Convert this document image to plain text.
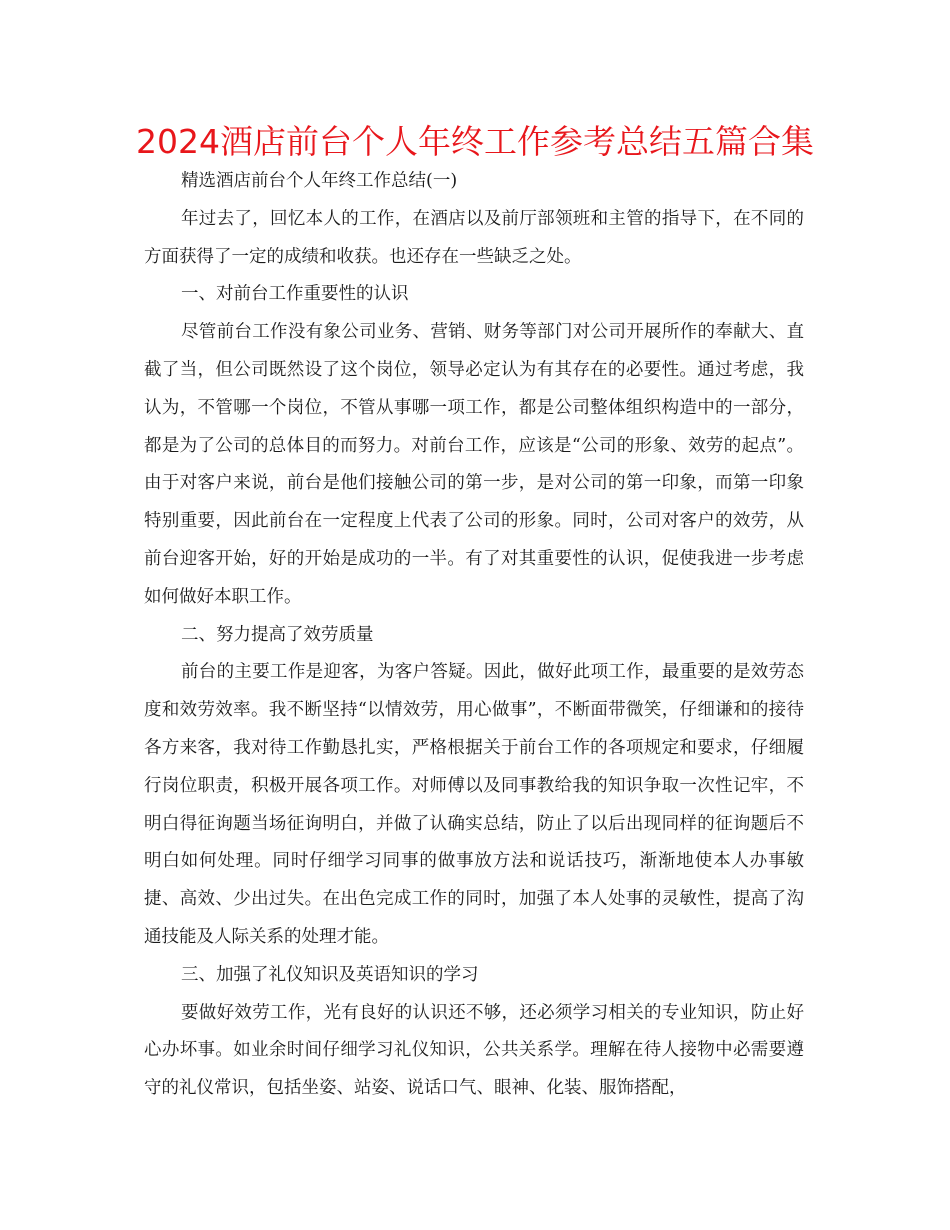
2024酒店前台个人年终工作参考总结五篇合集

精选酒店前台个人年终工作总结(一)

年过去了，回忆本人的工作，在酒店以及前厅部领班和主管的指导下，在不同的方面获得了一定的成绩和收获。也还存在一些缺乏之处。

一、对前台工作重要性的认识

尽管前台工作没有象公司业务、营销、财务等部门对公司开展所作的奉献大、直截了当，但公司既然设了这个岗位，领导必定认为有其存在的必要性。通过考虑，我认为，不管哪一个岗位，不管从事哪一项工作，都是公司整体组织构造中的一部分，都是为了公司的总体目的而努力。对前台工作，应该是“公司的形象、效劳的起点”。由于对客户来说，前台是他们接触公司的第一步，是对公司的第一印象，而第一印象特别重要，因此前台在一定程度上代表了公司的形象。同时，公司对客户的效劳，从前台迎客开始，好的开始是成功的一半。有了对其重要性的认识，促使我进一步考虑如何做好本职工作。

二、努力提高了效劳质量

前台的主要工作是迎客，为客户答疑。因此，做好此项工作，最重要的是效劳态度和效劳效率。我不断坚持“以情效劳，用心做事”，不断面带微笑，仔细谦和的接待各方来客，我对待工作勤恳扎实，严格根据关于前台工作的各项规定和要求，仔细履行岗位职责，积极开展各项工作。对师傅以及同事教给我的知识争取一次性记牢，不明白得征询题当场征询明白，并做了认确实总结，防止了以后出现同样的征询题后不明白如何处理。同时仔细学习同事的做事放方法和说话技巧，渐渐地使本人办事敏捷、高效、少出过失。在出色完成工作的同时，加强了本人处事的灵敏性，提高了沟通技能及人际关系的处理才能。

三、加强了礼仪知识及英语知识的学习

要做好效劳工作，光有良好的认识还不够，还必须学习相关的专业知识，防止好心办坏事。如业余时间仔细学习礼仪知识，公共关系学。理解在待人接物中必需要遵守的礼仪常识，包括坐姿、站姿、说话口气、眼神、化装、服饰搭配，
